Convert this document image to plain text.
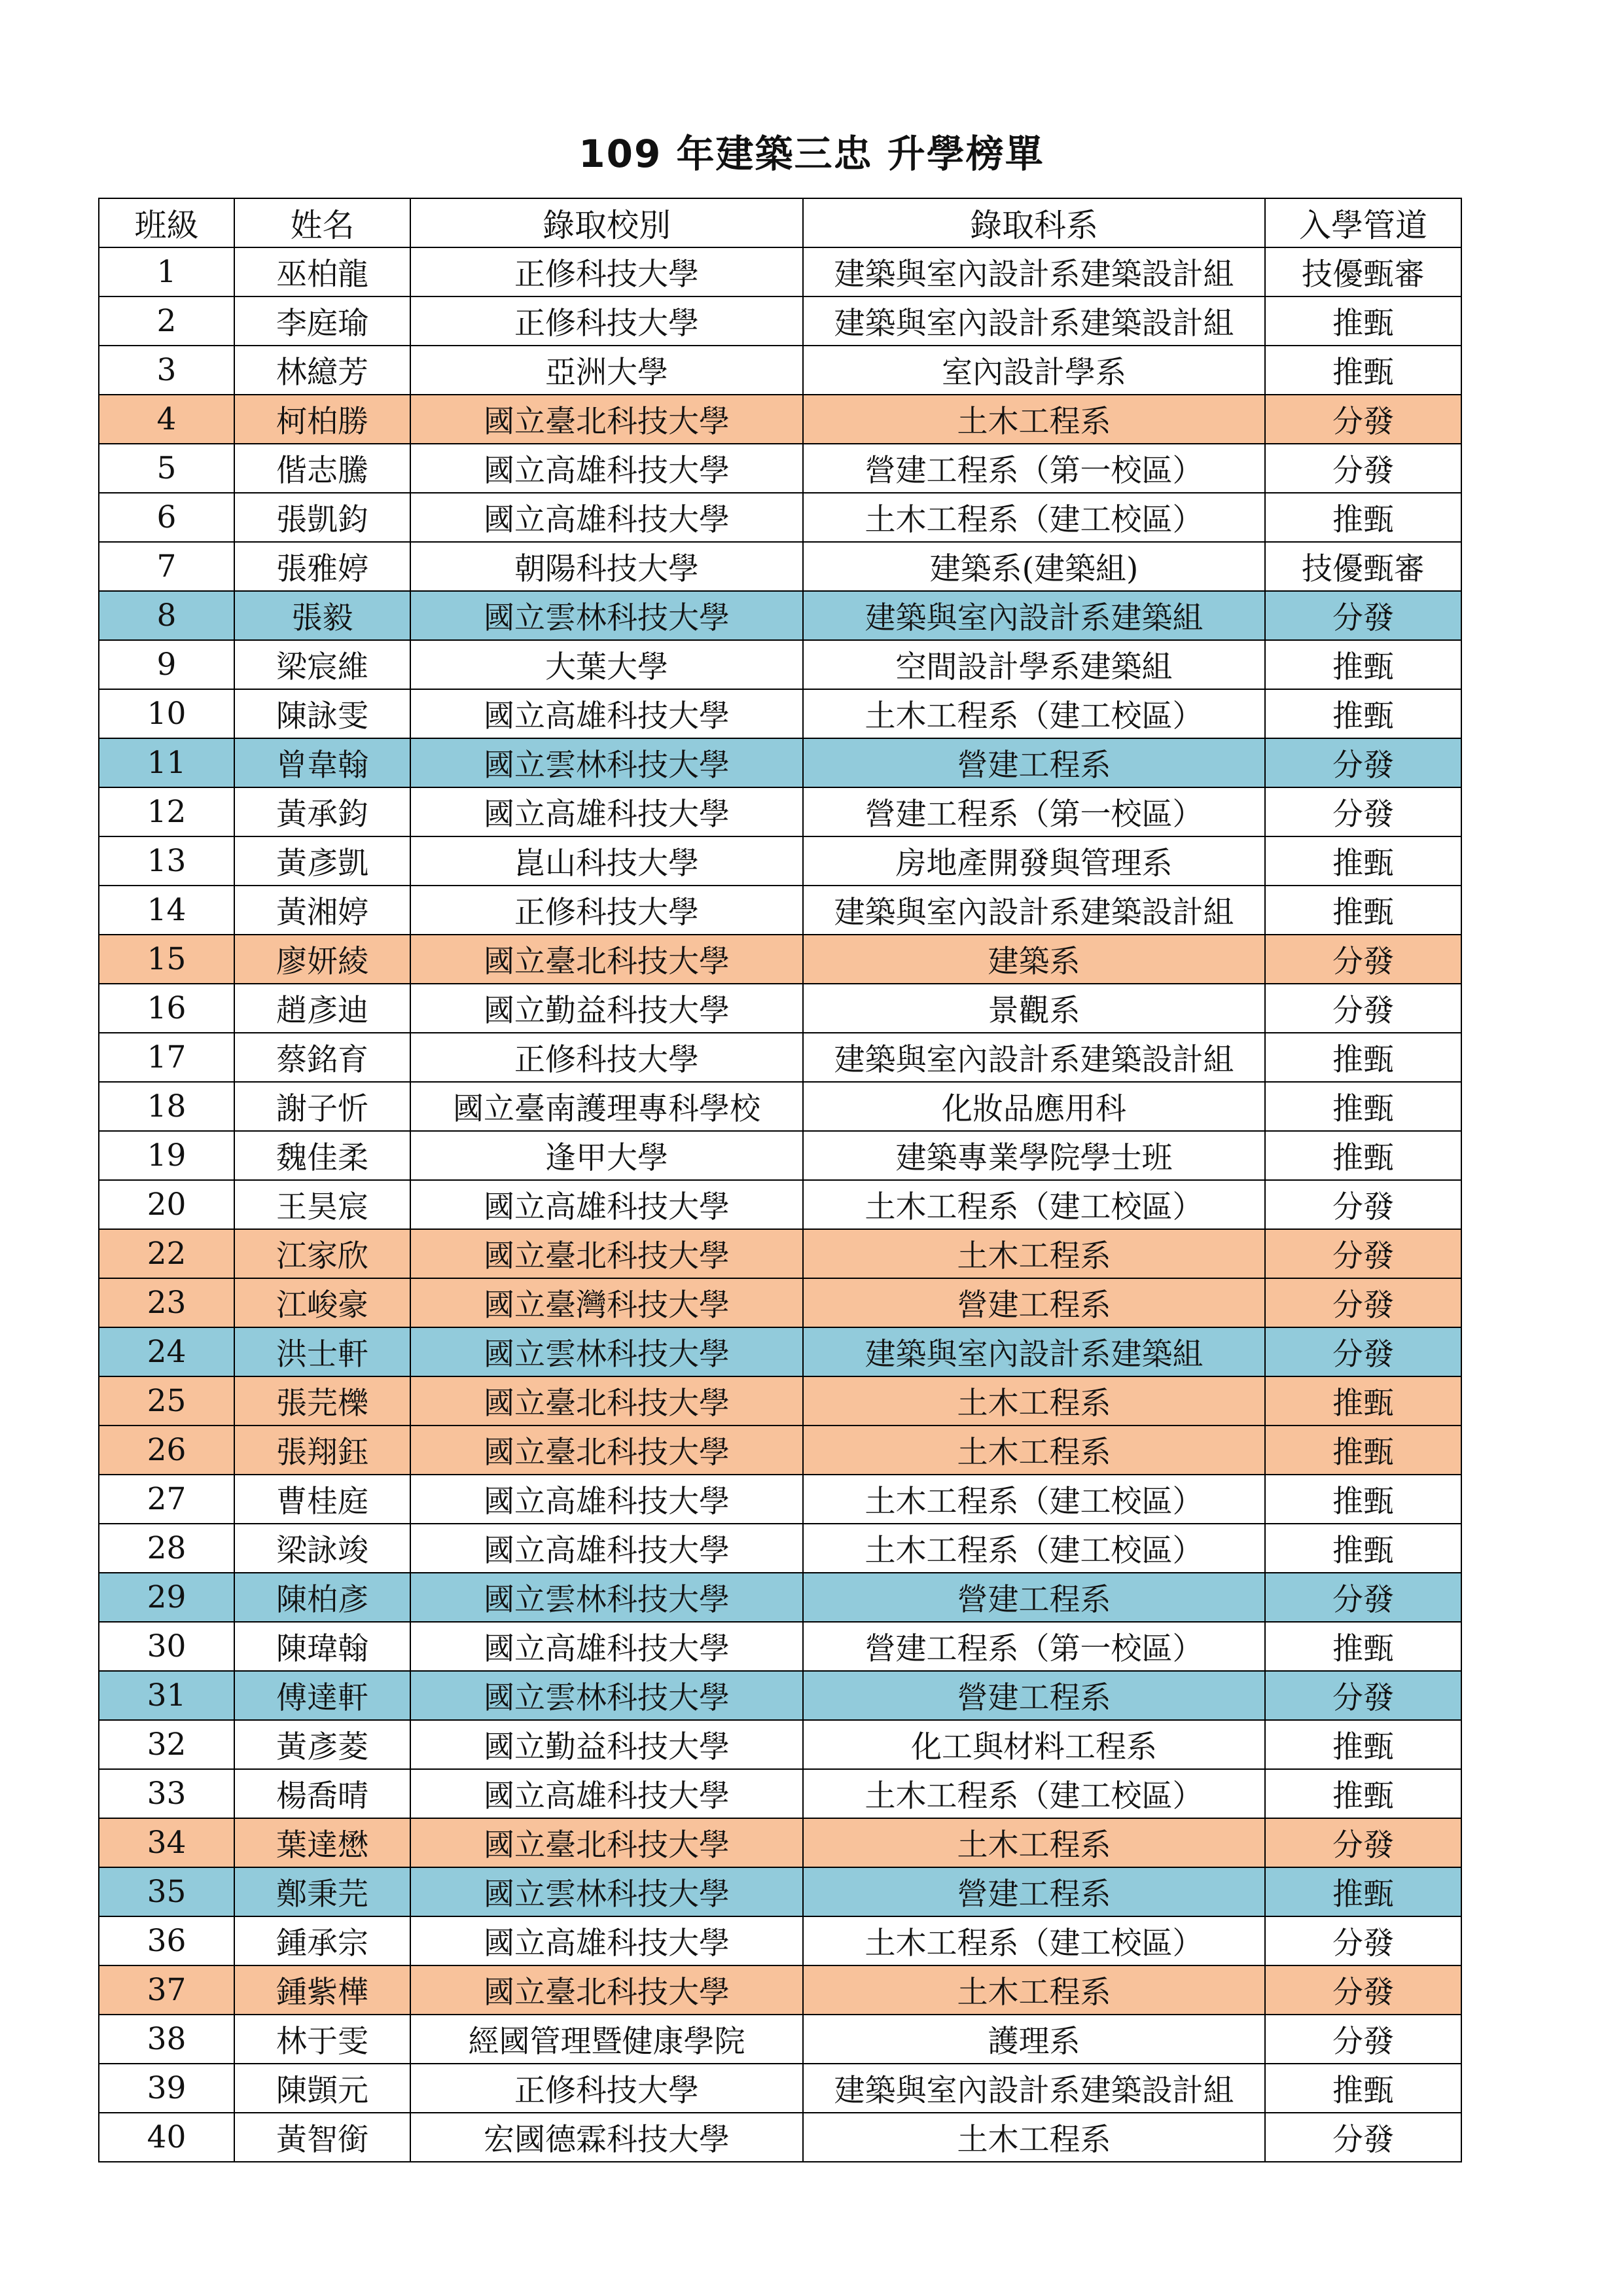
109 年建築三忠 升學榜單
班級	姓名	錄取校別	錄取科系	入學管道
1	巫柏龍	正修科技大學	建築與室內設計系建築設計組	技優甄審
2	李庭瑜	正修科技大學	建築與室內設計系建築設計組	推甄
3	林繶芳	亞洲大學	室內設計學系	推甄
4	柯柏勝	國立臺北科技大學	土木工程系	分發
5	偕志騰	國立高雄科技大學	營建工程系（第一校區）	分發
6	張凱鈞	國立高雄科技大學	土木工程系（建工校區）	推甄
7	張雅婷	朝陽科技大學	建築系(建築組)	技優甄審
8	張毅	國立雲林科技大學	建築與室內設計系建築組	分發
9	梁宸維	大葉大學	空間設計學系建築組	推甄
10	陳詠雯	國立高雄科技大學	土木工程系（建工校區）	推甄
11	曾韋翰	國立雲林科技大學	營建工程系	分發
12	黃承鈞	國立高雄科技大學	營建工程系（第一校區）	分發
13	黃彥凱	崑山科技大學	房地產開發與管理系	推甄
14	黃湘婷	正修科技大學	建築與室內設計系建築設計組	推甄
15	廖妍綾	國立臺北科技大學	建築系	分發
16	趙彥迪	國立勤益科技大學	景觀系	分發
17	蔡銘育	正修科技大學	建築與室內設計系建築設計組	推甄
18	謝子忻	國立臺南護理專科學校	化妝品應用科	推甄
19	魏佳柔	逢甲大學	建築專業學院學士班	推甄
20	王昊宸	國立高雄科技大學	土木工程系（建工校區）	分發
22	江家欣	國立臺北科技大學	土木工程系	分發
23	江峻豪	國立臺灣科技大學	營建工程系	分發
24	洪士軒	國立雲林科技大學	建築與室內設計系建築組	分發
25	張芫櫟	國立臺北科技大學	土木工程系	推甄
26	張翔鈺	國立臺北科技大學	土木工程系	推甄
27	曹桂庭	國立高雄科技大學	土木工程系（建工校區）	推甄
28	梁詠竣	國立高雄科技大學	土木工程系（建工校區）	推甄
29	陳柏彥	國立雲林科技大學	營建工程系	分發
30	陳瑋翰	國立高雄科技大學	營建工程系（第一校區）	推甄
31	傅達軒	國立雲林科技大學	營建工程系	分發
32	黃彥菱	國立勤益科技大學	化工與材料工程系	推甄
33	楊喬晴	國立高雄科技大學	土木工程系（建工校區）	推甄
34	葉達懋	國立臺北科技大學	土木工程系	分發
35	鄭秉芫	國立雲林科技大學	營建工程系	推甄
36	鍾承宗	國立高雄科技大學	土木工程系（建工校區）	分發
37	鍾紫樺	國立臺北科技大學	土木工程系	分發
38	林于雯	經國管理暨健康學院	護理系	分發
39	陳顗元	正修科技大學	建築與室內設計系建築設計組	推甄
40	黃智銜	宏國德霖科技大學	土木工程系	分發
